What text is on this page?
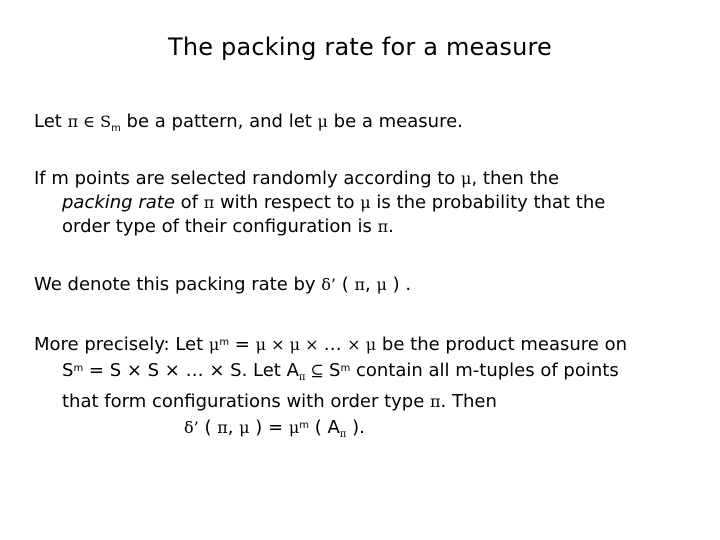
The packing rate for a measure
Let π ∈ $S_m$ be a pattern, and let μ be a measure.
If m points are selected randomly according to μ, then the
packing rate of π with respect to μ is the probability that the
order type of their configuration is π.
We denote this packing rate by δ’ ( π, μ ) .
More precisely: Let $\mu^m = \mu \times \mu$ × … × μ be the product measure on
$S^m = S \times S$ × … × S. Let $A_\pi$ ⊆ $S^m$ contain all m-tuples of points
that form configurations with order type π. Then
δ’ ( π, μ ) = $\mu^m$ ( $A_\pi$ ).
